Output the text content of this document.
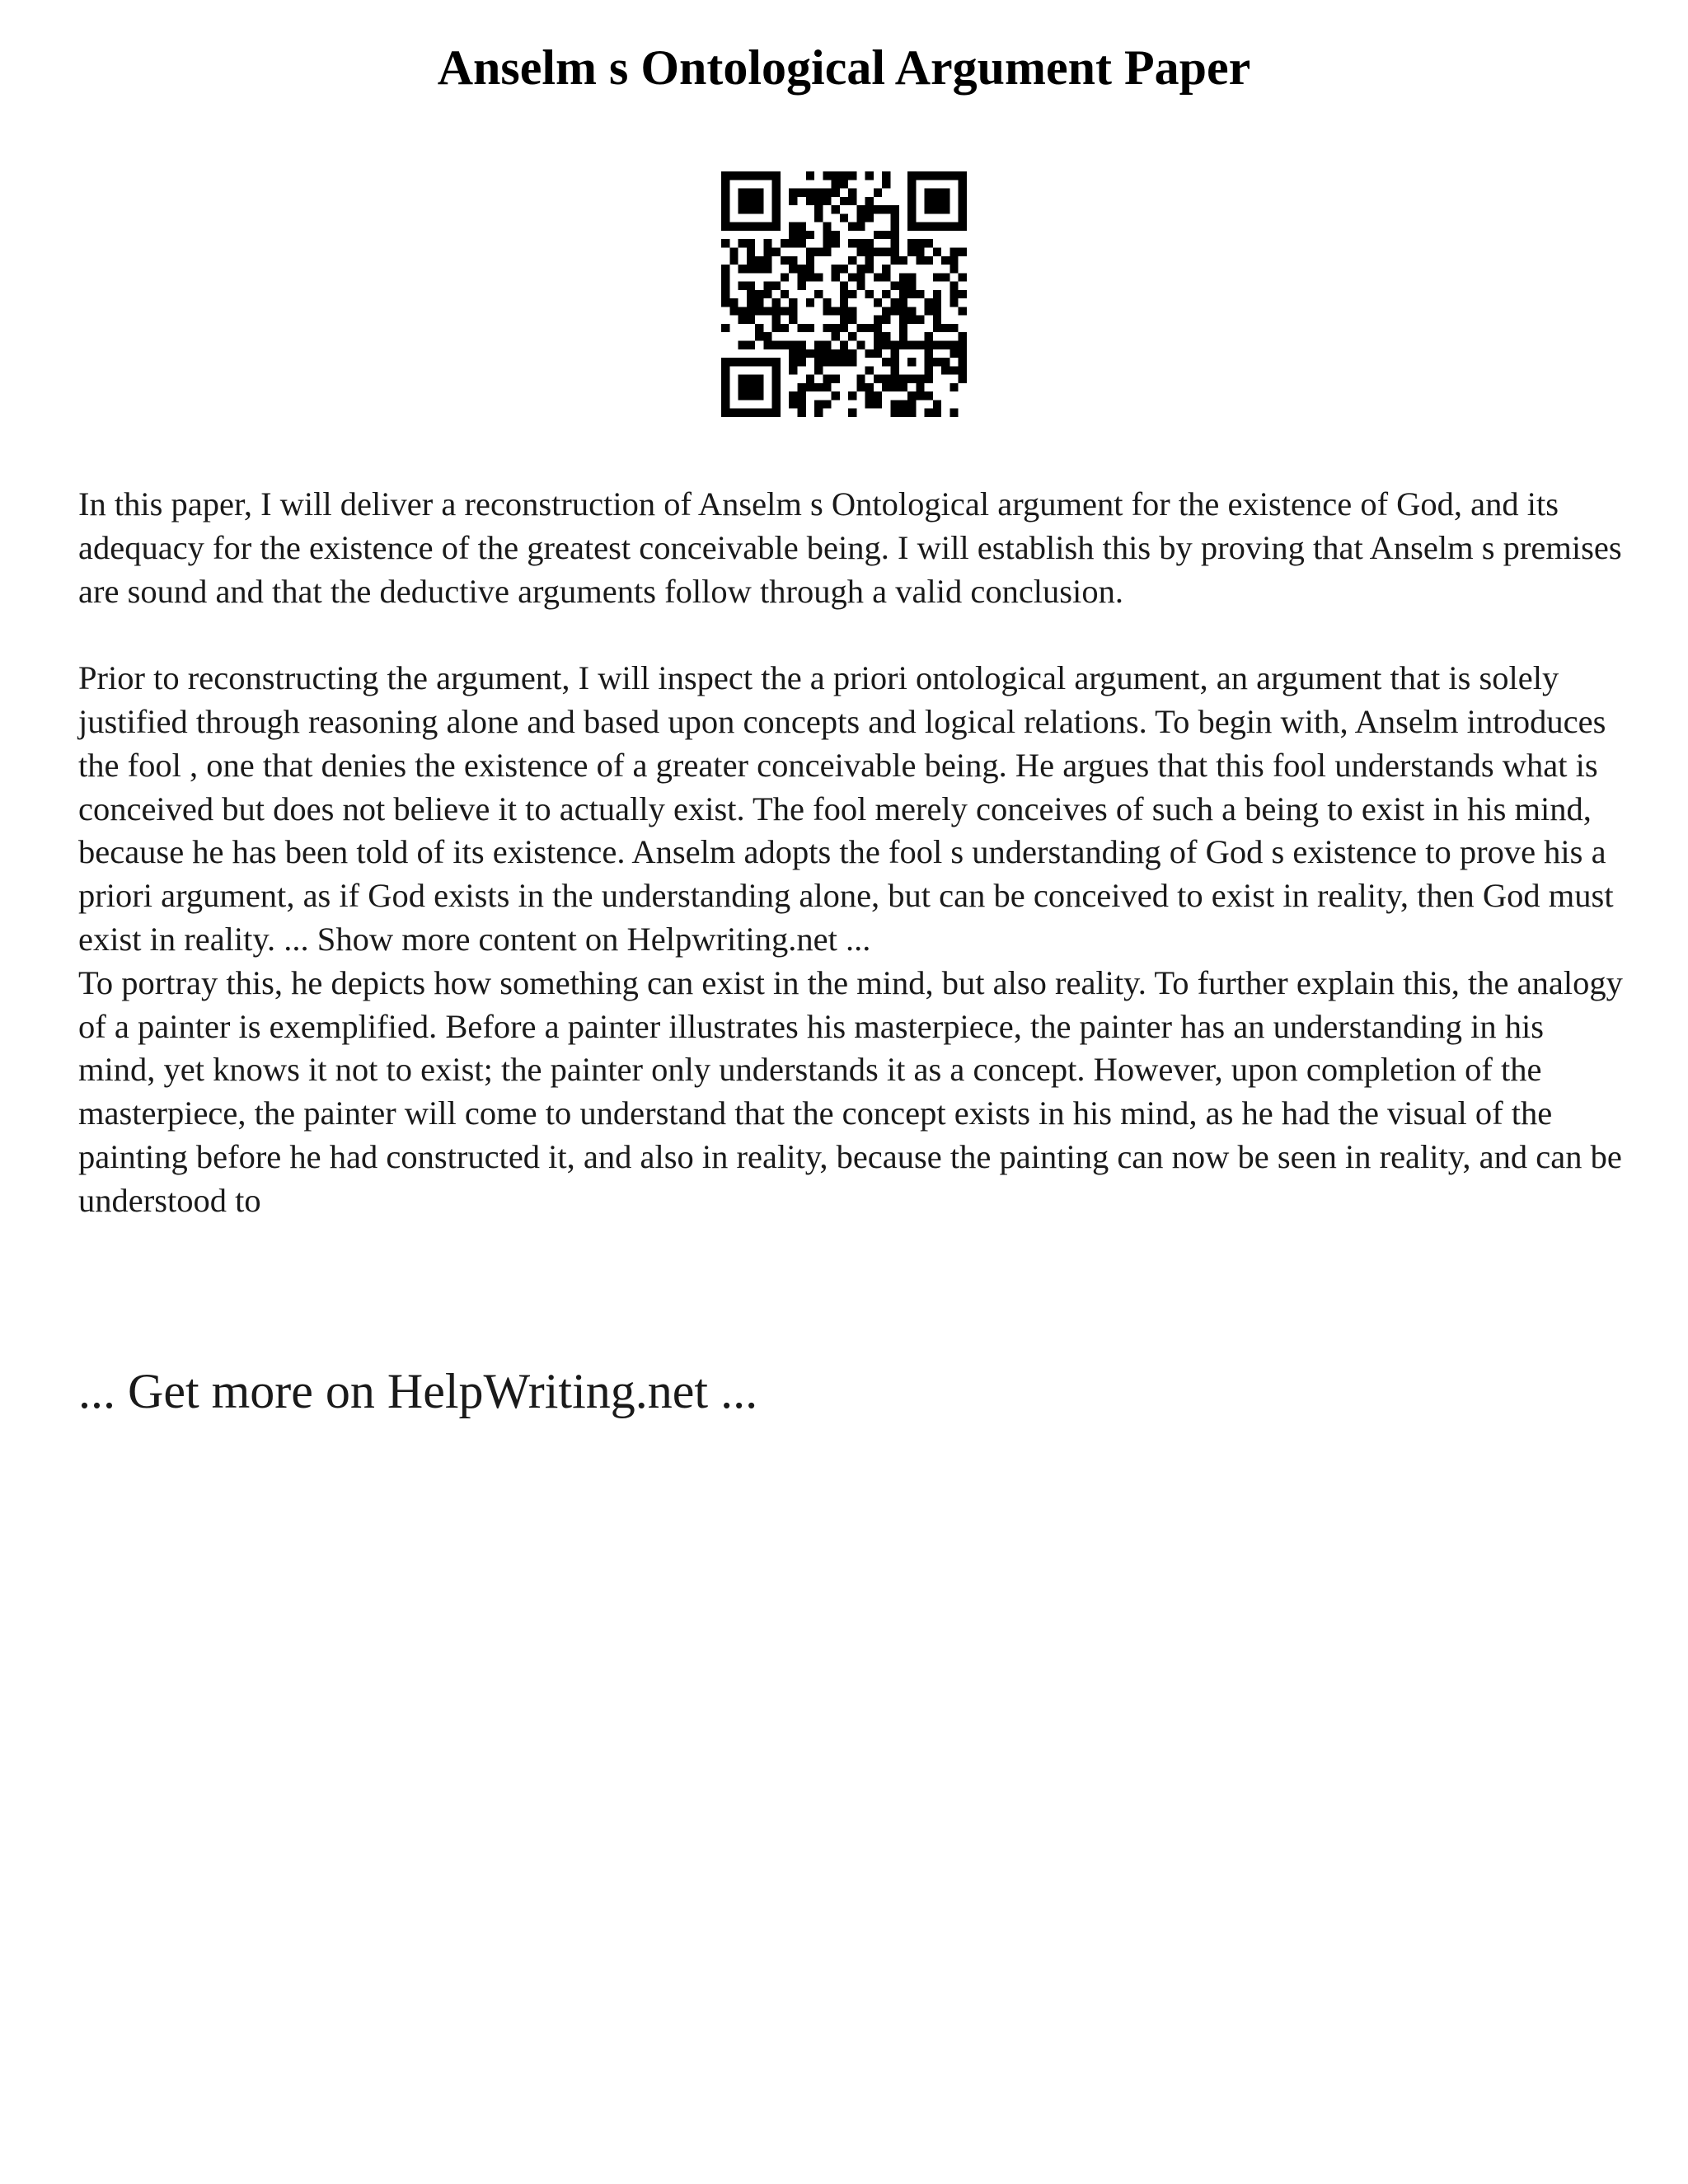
Anselm s Ontological Argument Paper

In this paper, I will deliver a reconstruction of Anselm s Ontological argument for the existence of God, and its adequacy for the existence of the greatest conceivable being. I will establish this by proving that Anselm s premises are sound and that the deductive arguments follow through a valid conclusion.

Prior to reconstructing the argument, I will inspect the a priori ontological argument, an argument that is solely justified through reasoning alone and based upon concepts and logical relations. To begin with, Anselm introduces the fool , one that denies the existence of a greater conceivable being. He argues that this fool understands what is conceived but does not believe it to actually exist. The fool merely conceives of such a being to exist in his mind, because he has been told of its existence. Anselm adopts the fool s understanding of God s existence to prove his a priori argument, as if God exists in the understanding alone, but can be conceived to exist in reality, then God must exist in reality. ... Show more content on Helpwriting.net ...

To portray this, he depicts how something can exist in the mind, but also reality. To further explain this, the analogy of a painter is exemplified. Before a painter illustrates his masterpiece, the painter has an understanding in his mind, yet knows it not to exist; the painter only understands it as a concept. However, upon completion of the masterpiece, the painter will come to understand that the concept exists in his mind, as he had the visual of the painting before he had constructed it, and also in reality, because the painting can now be seen in reality, and can be understood to

... Get more on HelpWriting.net ...
